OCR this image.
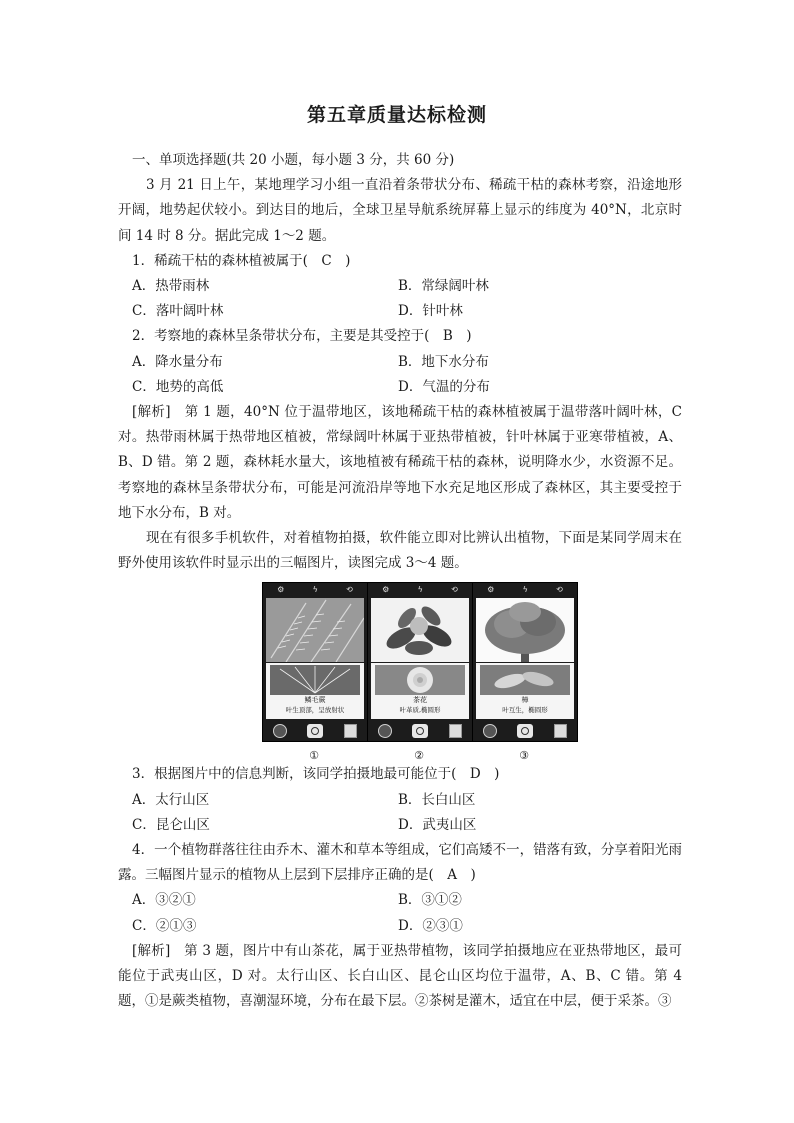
第五章质量达标检测

一、单项选择题(共 20 小题，每小题 3 分，共 60 分)

3 月 21 日上午，某地理学习小组一直沿着条带状分布、稀疏干枯的森林考察，沿途地形开阔，地势起伏较小。到达目的地后，全球卫星导航系统屏幕上显示的纬度为 40°N，北京时间 14 时 8 分。据此完成 1～2 题。

1．稀疏干枯的森林植被属于(　C　)

A．热带雨林	B．常绿阔叶林
C．落叶阔叶林	D．针叶林

2．考察地的森林呈条带状分布，主要是其受控于(　B　)

A．降水量分布	B．地下水分布
C．地势的高低	D．气温的分布

[解析]　第 1 题，40°N 位于温带地区，该地稀疏干枯的森林植被属于温带落叶阔叶林，C 对。热带雨林属于热带地区植被，常绿阔叶林属于亚热带植被，针叶林属于亚寒带植被，A、B、D 错。第 2 题，森林耗水量大，该地植被有稀疏干枯的森林，说明降水少，水资源不足。考察地的森林呈条带状分布，可能是河流沿岸等地下水充足地区形成了森林区，其主要受控于地下水分布，B 对。

现在有很多手机软件，对着植物拍摄，软件能立即对比辨认出植物，下面是某同学周末在野外使用该软件时显示出的三幅图片，读图完成 3～4 题。

⚙	ϟ	⟲
鳞毛蕨
叶生顶部，呈放射状
①
⚙	ϟ	⟲
茶花
叶革质,椭圆形
②
⚙	ϟ	⟲
樟
叶互生，椭圆形
③

3．根据图片中的信息判断，该同学拍摄地最可能位于(　D　)

A．太行山区	B．长白山区
C．昆仑山区	D．武夷山区

4．一个植物群落往往由乔木、灌木和草本等组成，它们高矮不一，错落有致，分享着阳光雨露。三幅图片显示的植物从上层到下层排序正确的是(　A　)

A．③②①	B．③①②
C．②①③	D．②③①

[解析]　第 3 题，图片中有山茶花，属于亚热带植物，该同学拍摄地应在亚热带地区，最可能位于武夷山区，D 对。太行山区、长白山区、昆仑山区均位于温带，A、B、C 错。第 4 题，①是蕨类植物，喜潮湿环境，分布在最下层。②茶树是灌木，适宜在中层，便于采茶。③
